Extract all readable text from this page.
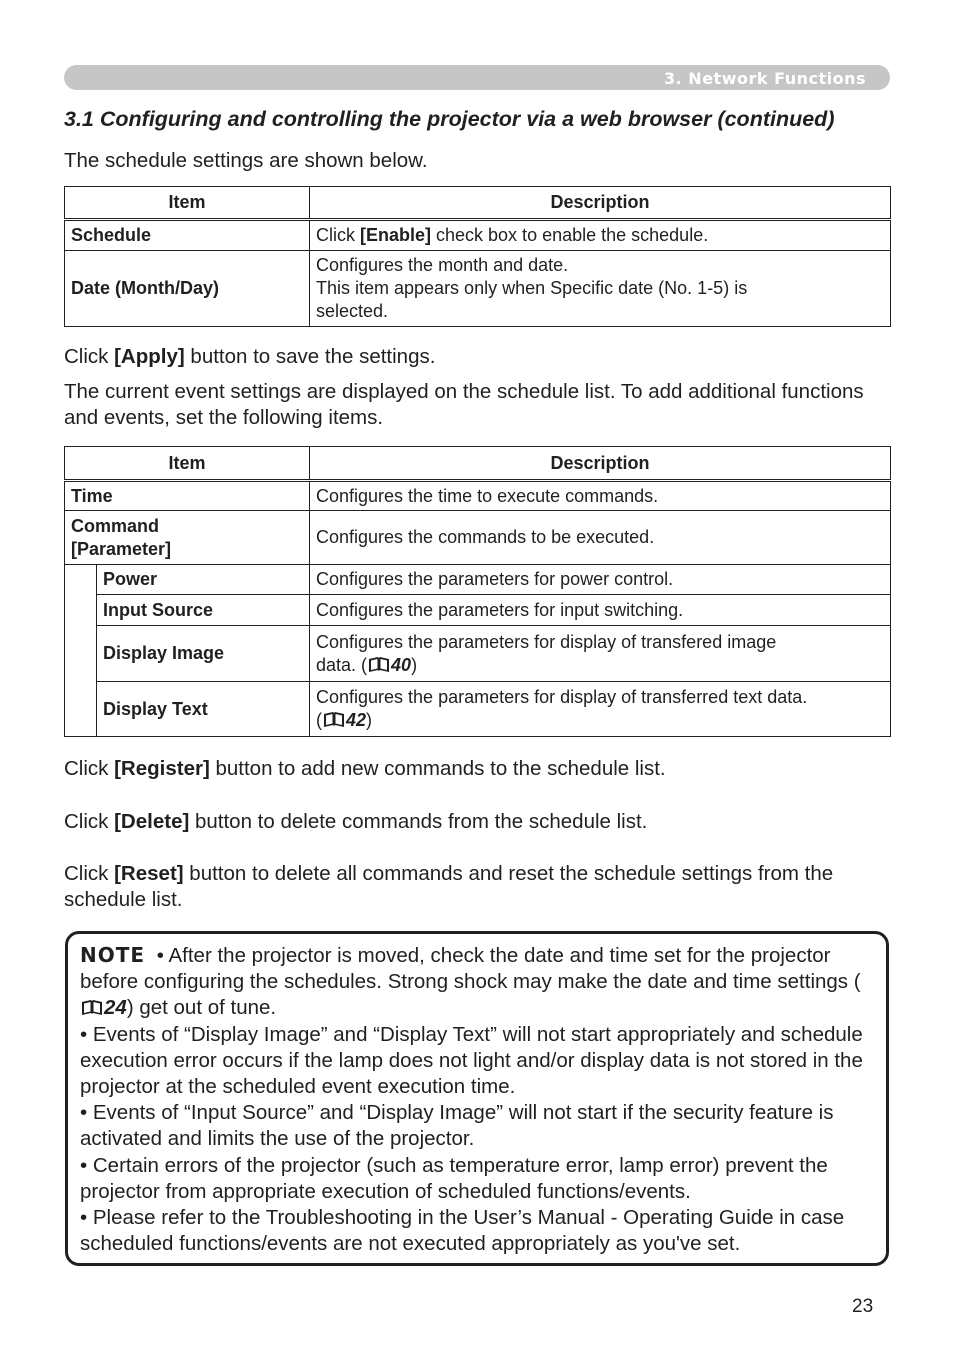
3. Network Functions
3.1 Configuring and controlling the projector via a web browser (continued)
The schedule settings are shown below.
Item	Description
Schedule	Click [Enable] check box to enable the schedule.
Date (Month/Day)	Configures the month and date.
This item appears only when Specific date (No. 1-5) is
selected.
Click [Apply] button to save the settings.
The current event settings are displayed on the schedule list. To add additional functions and events, set the following items.
Item		Description
Time		Configures the time to execute commands.

Command
[Parameter]		Configures the commands to be executed.
	Power	Configures the parameters for power control.
	Input Source	Configures the parameters for input switching.
	Display Image	Configures the parameters for display of transfered image
data. ( 40)

	Display Text	Configures the parameters for display of transferred text data.
( 42)
Click [Register] button to add new commands to the schedule list.
Click [Delete] button to delete commands from the schedule list.
Click [Reset] button to delete all commands and reset the schedule settings from the schedule list.
NOTE • After the projector is moved, check the date and time set for the projector before configuring the schedules. Strong shock may make the date and time settings (24) get out of tune.
• Events of “Display Image” and “Display Text” will not start appropriately and schedule execution error occurs if the lamp does not light and/or display data is not stored in the projector at the scheduled event execution time.
• Events of “Input Source” and “Display Image” will not start if the security feature is activated and limits the use of the projector.
• Certain errors of the projector (such as temperature error, lamp error) prevent the projector from appropriate execution of scheduled functions/events.
• Please refer to the Troubleshooting in the User’s Manual - Operating Guide in case scheduled functions/events are not executed appropriately as you've set.
23
